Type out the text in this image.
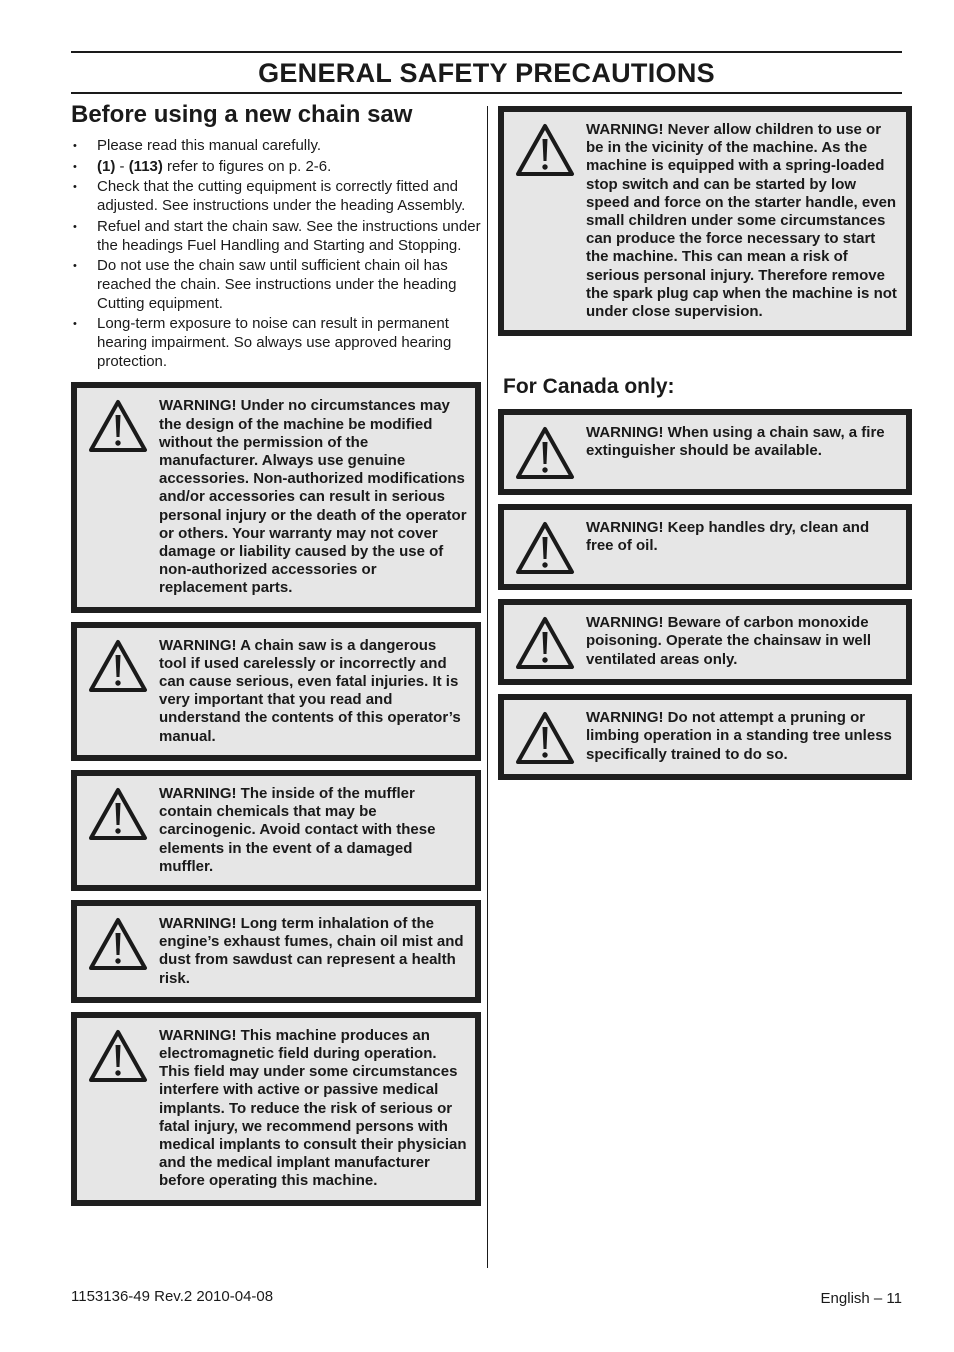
GENERAL SAFETY PRECAUTIONS
Before using a new chain saw
• Please read this manual carefully.
• (1) - (113) refer to figures on p. 2-6.
• Check that the cutting equipment is correctly fitted and adjusted. See instructions under the heading Assembly.
• Refuel and start the chain saw. See the instructions under the headings Fuel Handling and Starting and Stopping.
• Do not use the chain saw until sufficient chain oil has reached the chain. See instructions under the heading Cutting equipment.
• Long-term exposure to noise can result in permanent hearing impairment. So always use approved hearing protection.
WARNING! Under no circumstances may the design of the machine be modified without the permission of the manufacturer. Always use genuine accessories. Non-authorized modifications and/or accessories can result in serious personal injury or the death of the operator or others. Your warranty may not cover damage or liability caused by the use of non-authorized accessories or replacement parts.
WARNING! A chain saw is a dangerous tool if used carelessly or incorrectly and can cause serious, even fatal injuries. It is very important that you read and understand the contents of this operator’s manual.
WARNING! The inside of the muffler contain chemicals that may be carcinogenic. Avoid contact with these elements in the event of a damaged muffler.
WARNING! Long term inhalation of the engine’s exhaust fumes, chain oil mist and dust from sawdust can represent a health risk.
WARNING! This machine produces an electromagnetic field during operation. This field may under some circumstances interfere with active or passive medical implants. To reduce the risk of serious or fatal injury, we recommend persons with medical implants to consult their physician and the medical implant manufacturer before operating this machine.
WARNING! Never allow children to use or be in the vicinity of the machine. As the machine is equipped with a spring-loaded stop switch and can be started by low speed and force on the starter handle, even small children under some circumstances can produce the force necessary to start the machine. This can mean a risk of serious personal injury. Therefore remove the spark plug cap when the machine is not under close supervision.
For Canada only:
WARNING! When using a chain saw, a fire extinguisher should be available.
WARNING! Keep handles dry, clean and free of oil.
WARNING! Beware of carbon monoxide poisoning. Operate the chainsaw in well ventilated areas only.
WARNING! Do not attempt a pruning or limbing operation in a standing tree unless specifically trained to do so.
1153136-49 Rev.2 2010-04-08	English – 11
